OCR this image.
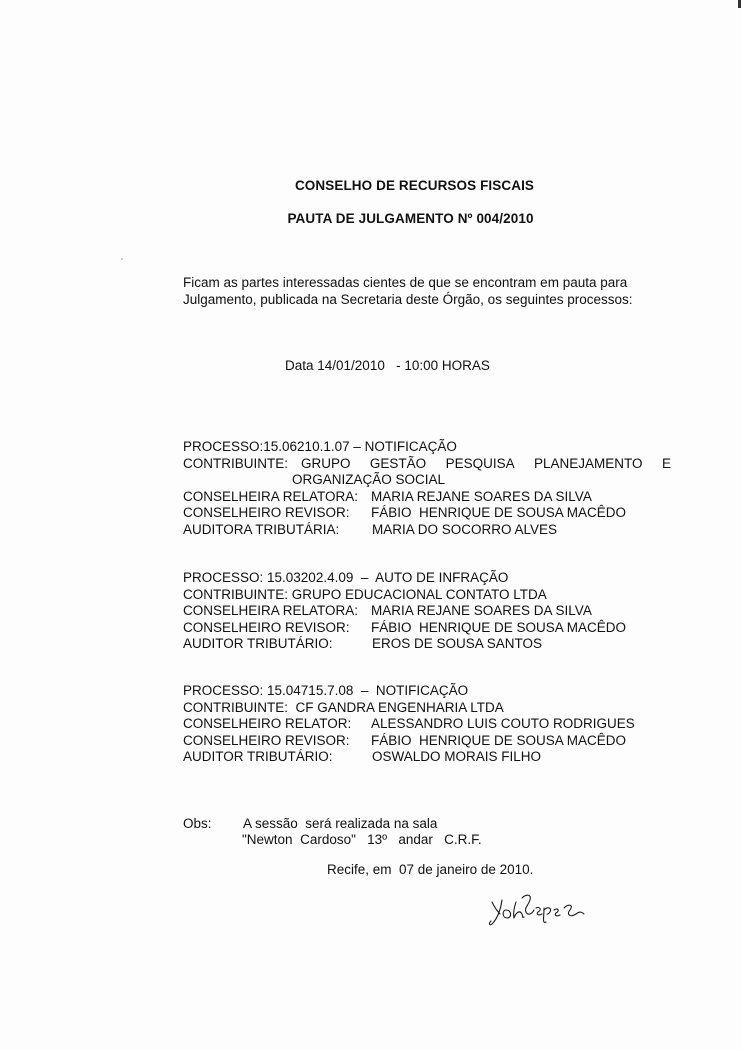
CONSELHO DE RECURSOS FISCAIS
PAUTA DE JULGAMENTO Nº 004/2010
Ficam as partes interessadas cientes de que se encontram em pauta para
Julgamento, publicada na Secretaria deste Órgão, os seguintes processos:
Data 14/01/2010   - 10:00 HORAS
PROCESSO:15.06210.1.07 – NOTIFICAÇÃO
CONTRIBUINTE: GRUPO GESTÃO PESQUISA PLANEJAMENTO E
ORGANIZAÇÃO SOCIAL
CONSELHEIRA RELATORA: MARIA REJANE SOARES DA SILVA
CONSELHEIRO REVISOR:	FÁBIO  HENRIQUE DE SOUSA MACÊDO
AUDITORA TRIBUTÁRIA:	MARIA DO SOCORRO ALVES
PROCESSO: 15.03202.4.09  –  AUTO DE INFRAÇÃO
CONTRIBUINTE: GRUPO EDUCACIONAL CONTATO LTDA
CONSELHEIRA RELATORA: MARIA REJANE SOARES DA SILVA
CONSELHEIRO REVISOR:	FÁBIO  HENRIQUE DE SOUSA MACÊDO
AUDITOR TRIBUTÁRIO:	EROS DE SOUSA SANTOS
PROCESSO: 15.04715.7.08  –  NOTIFICAÇÃO
CONTRIBUINTE:  CF GANDRA ENGENHARIA LTDA
CONSELHEIRO RELATOR:	ALESSANDRO LUIS COUTO RODRIGUES
CONSELHEIRO REVISOR:	FÁBIO  HENRIQUE DE SOUSA MACÊDO
AUDITOR TRIBUTÁRIO:	OSWALDO MORAIS FILHO
Obs:	A sessão  será realizada na sala
"Newton  Cardoso"   13º   andar   C.R.F.
Recife, em  07 de janeiro de 2010.
